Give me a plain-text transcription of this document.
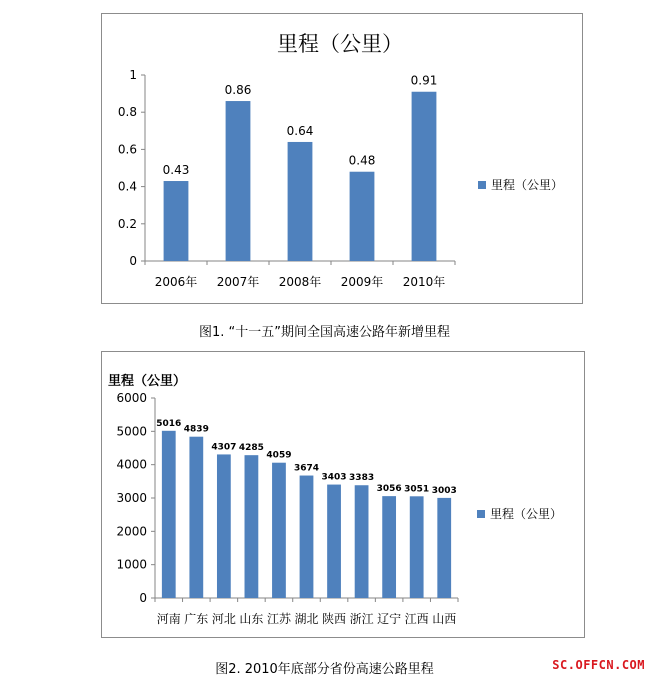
里程（公里）
0
0.2
0.4
0.6
0.8
1
0.43
2006年
0.86
2007年
0.64
2008年
0.48
2009年
0.91
2010年
里程（公里）
图1. “十一五”期间全国高速公路年新增里程
里程（公里）
0
1000
2000
3000
4000
5000
6000
5016
河南
4839
广东
4307
河北
4285
山东
4059
江苏
3674
湖北
3403
陕西
3383
浙江
3056
辽宁
3051
江西
3003
山西
里程（公里）
图2. 2010年底部分省份高速公路里程	SC.OFFCN.COM
